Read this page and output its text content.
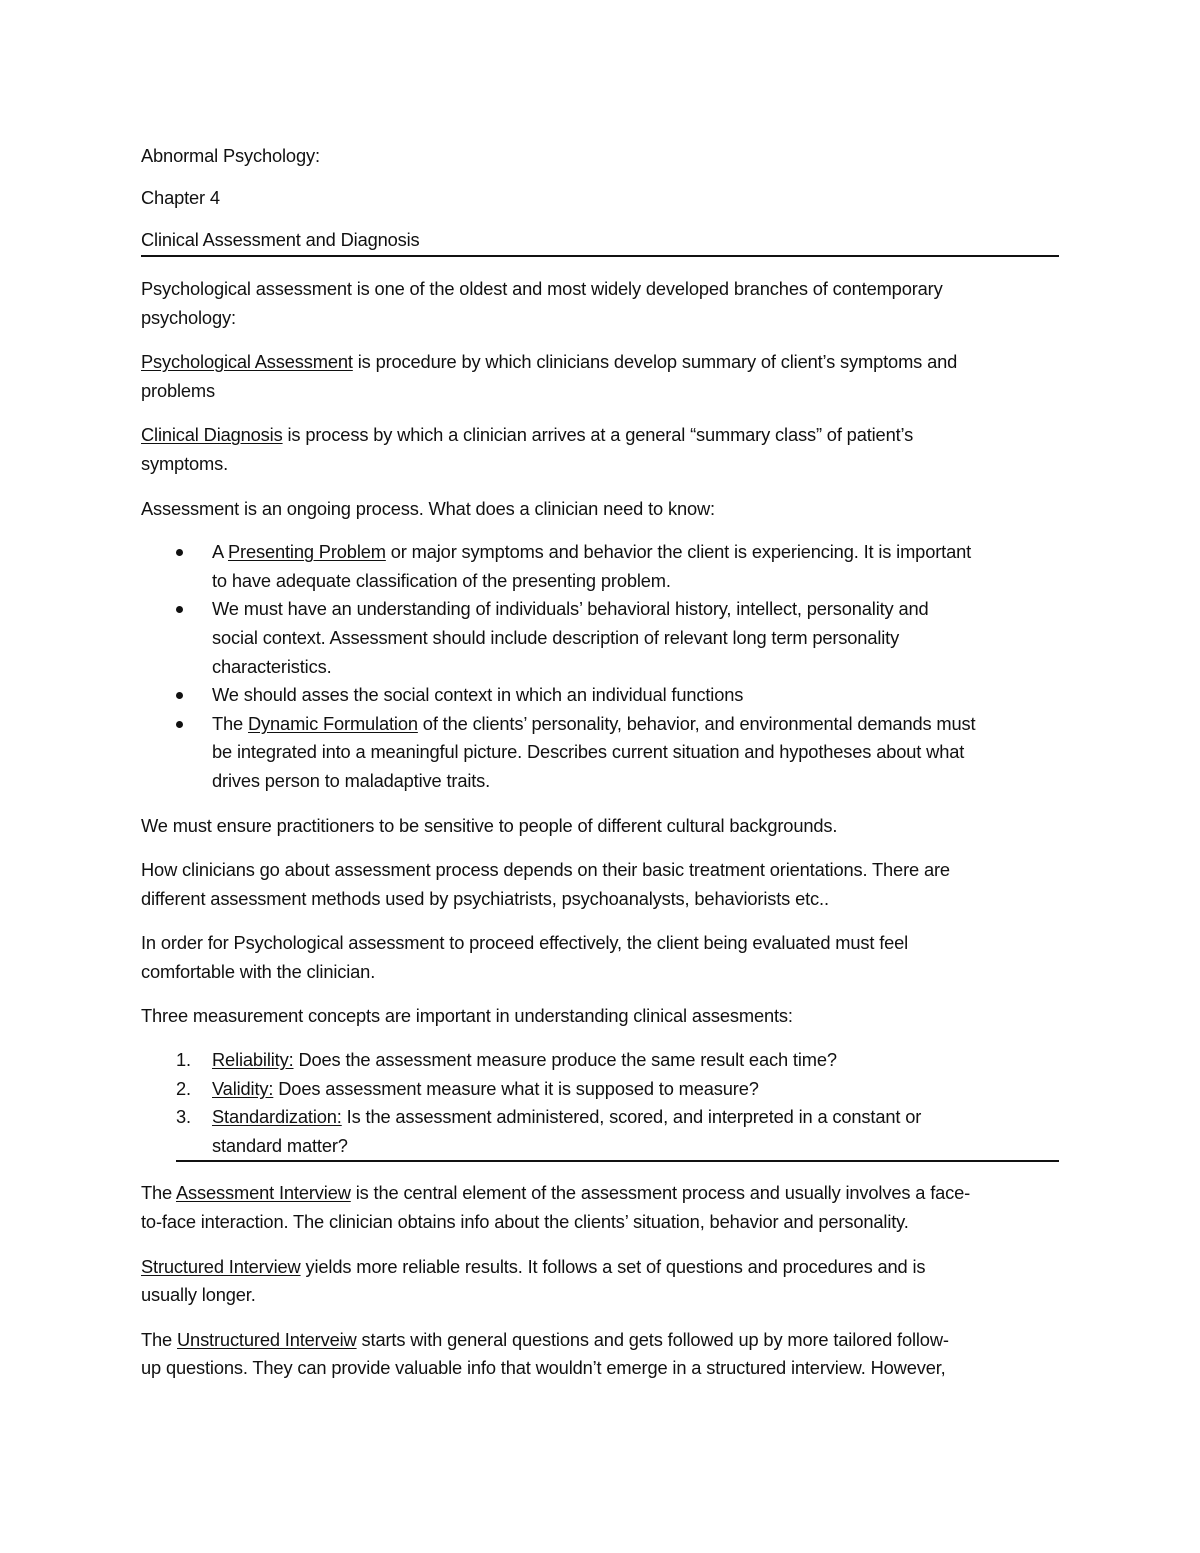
Abnormal Psychology:

Chapter 4

Clinical Assessment and Diagnosis

Psychological assessment is one of the oldest and most widely developed branches of contemporary

psychology:

Psychological Assessment is procedure by which clinicians develop summary of client’s symptoms and

problems

Clinical Diagnosis is process by which a clinician arrives at a general “summary class” of patient’s

symptoms.

Assessment is an ongoing process. What does a clinician need to know:

A Presenting Problem or major symptoms and behavior the client is experiencing. It is important

to have adequate classification of the presenting problem.

We must have an understanding of individuals’ behavioral history, intellect, personality and

social context. Assessment should include description of relevant long term personality

characteristics.

We should asses the social context in which an individual functions

The Dynamic Formulation of the clients’ personality, behavior, and environmental demands must

be integrated into a meaningful picture. Describes current situation and hypotheses about what

drives person to maladaptive traits.

We must ensure practitioners to be sensitive to people of different cultural backgrounds.

How clinicians go about assessment process depends on their basic treatment orientations. There are

different assessment methods used by psychiatrists, psychoanalysts, behaviorists etc..

In order for Psychological assessment to proceed effectively, the client being evaluated must feel

comfortable with the clinician.

Three measurement concepts are important in understanding clinical assesments:

1. Reliability: Does the assessment measure produce the same result each time?

2. Validity: Does assessment measure what it is supposed to measure?

3. Standardization: Is the assessment administered, scored, and interpreted in a constant or

standard matter?

The Assessment Interview is the central element of the assessment process and usually involves a face-

to-face interaction. The clinician obtains info about the clients’ situation, behavior and personality.

Structured Interview yields more reliable results. It follows a set of questions and procedures and is

usually longer.

The Unstructured Interveiw starts with general questions and gets followed up by more tailored follow-

up questions. They can provide valuable info that wouldn’t emerge in a structured interview. However,
